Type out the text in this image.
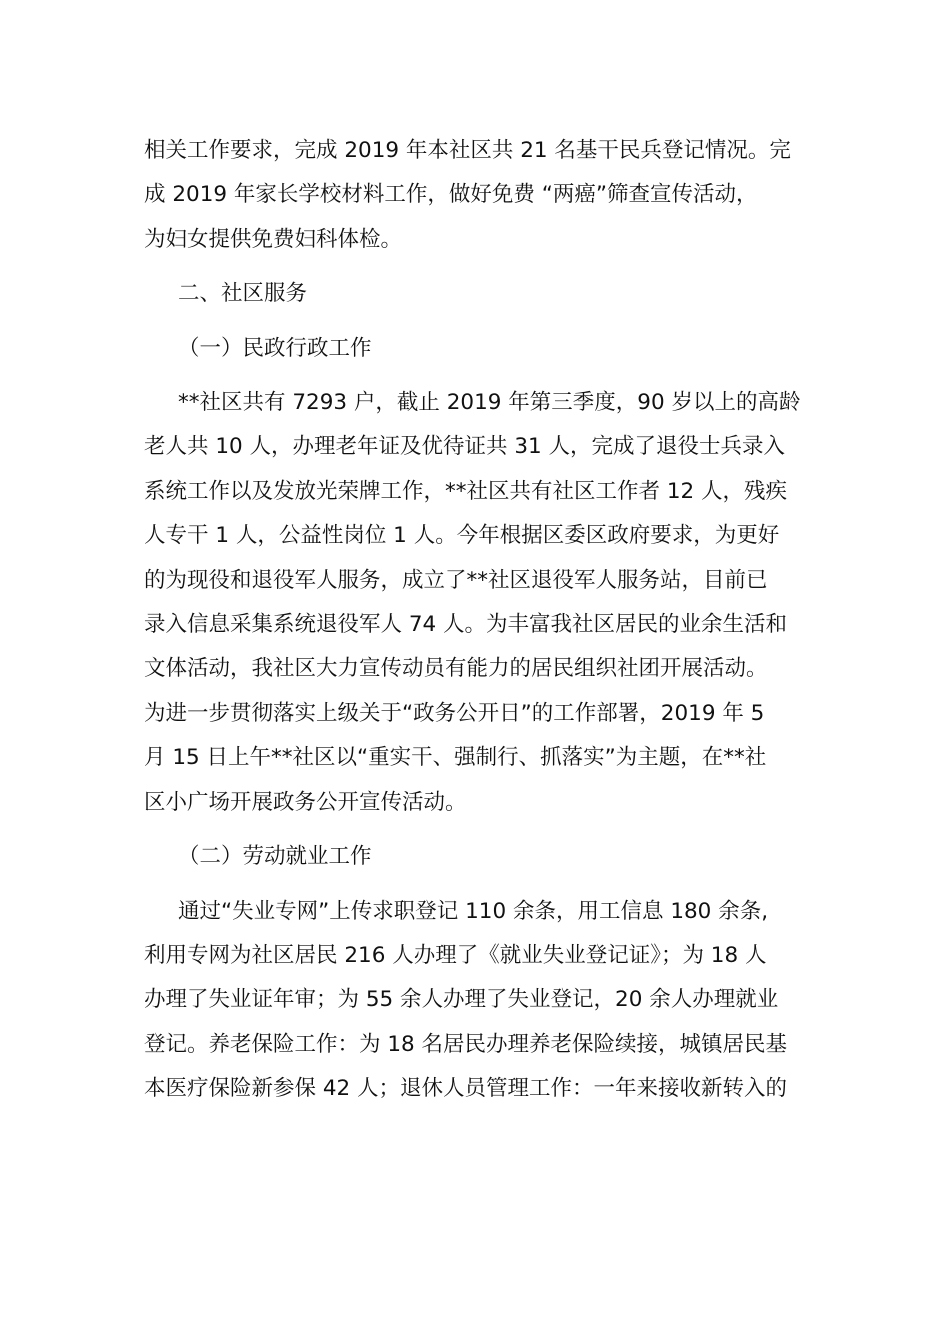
相关工作要求，完成 2019 年本社区共 21 名基干民兵登记情况。完
成 2019 年家长学校材料工作，做好免费 “两癌”筛查宣传活动，
为妇女提供免费妇科体检。

二、社区服务

（一）民政行政工作

**社区共有 7293 户，截止 2019 年第三季度，90 岁以上的高龄
老人共 10 人，办理老年证及优待证共 31 人，完成了退役士兵录入
系统工作以及发放光荣牌工作，**社区共有社区工作者 12 人，残疾
人专干 1 人，公益性岗位 1 人。今年根据区委区政府要求，为更好
的为现役和退役军人服务，成立了**社区退役军人服务站，目前已
录入信息采集系统退役军人 74 人。为丰富我社区居民的业余生活和
文体活动，我社区大力宣传动员有能力的居民组织社团开展活动。
为进一步贯彻落实上级关于“政务公开日”的工作部署，2019 年 5
月 15 日上午**社区以“重实干、强制行、抓落实”为主题，在**社
区小广场开展政务公开宣传活动。

（二）劳动就业工作

通过“失业专网”上传求职登记 110 余条，用工信息 180 余条,
利用专网为社区居民 216 人办理了《就业失业登记证》；为 18 人
办理了失业证年审；为 55 余人办理了失业登记，20 余人办理就业
登记。养老保险工作：为 18 名居民办理养老保险续接，城镇居民基
本医疗保险新参保 42 人；退休人员管理工作：一年来接收新转入的
